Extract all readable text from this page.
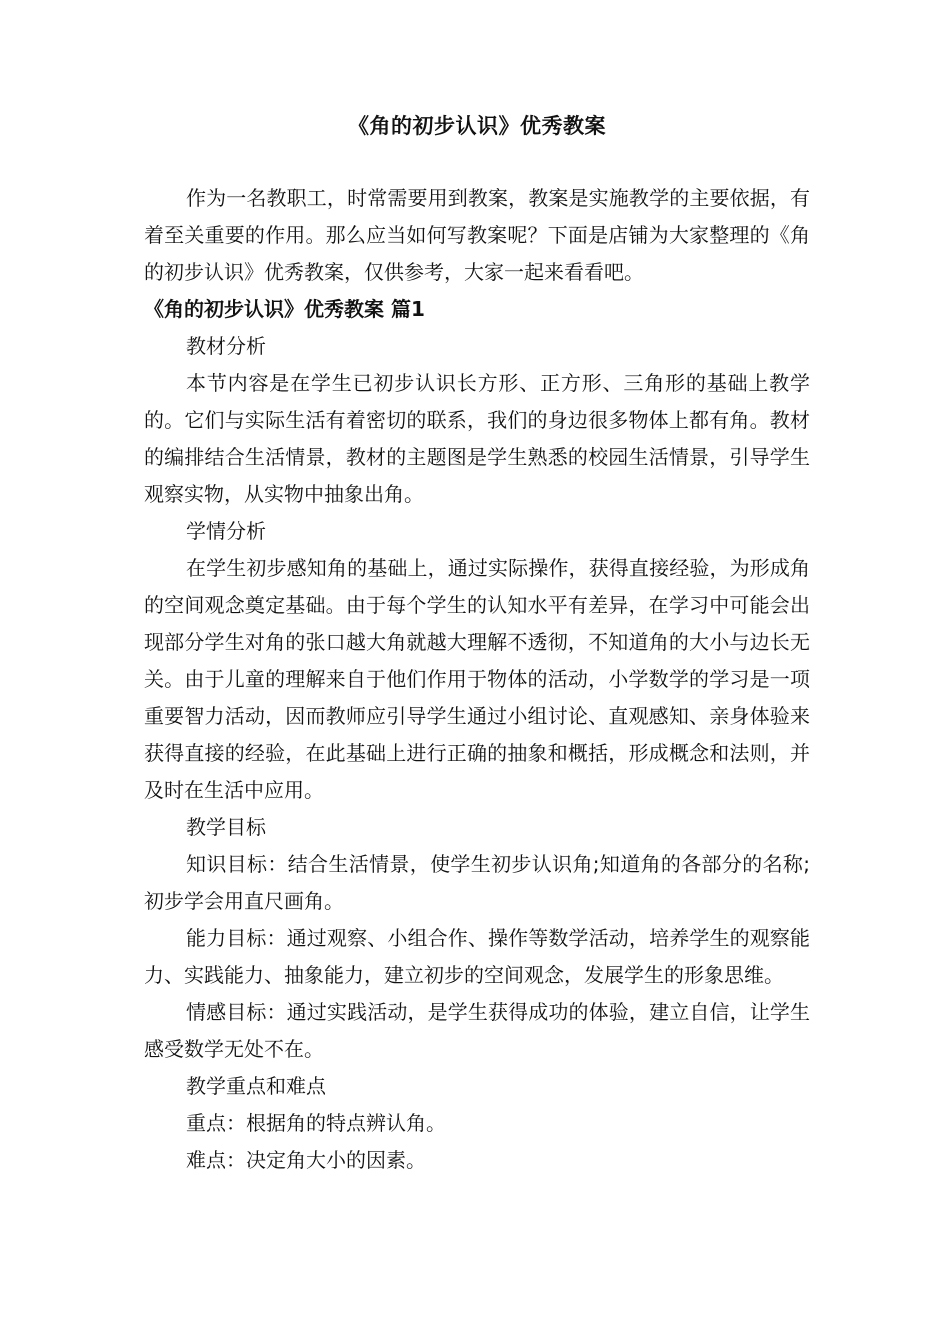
《角的初步认识》优秀教案

作为一名教职工，时常需要用到教案，教案是实施教学的主要依据，有着至关重要的作用。那么应当如何写教案呢？下面是店铺为大家整理的《角的初步认识》优秀教案，仅供参考，大家一起来看看吧。

《角的初步认识》优秀教案 篇1

教材分析

本节内容是在学生已初步认识长方形、正方形、三角形的基础上教学的。它们与实际生活有着密切的联系，我们的身边很多物体上都有角。教材的编排结合生活情景，教材的主题图是学生熟悉的校园生活情景，引导学生观察实物，从实物中抽象出角。

学情分析

在学生初步感知角的基础上，通过实际操作，获得直接经验，为形成角的空间观念奠定基础。由于每个学生的认知水平有差异，在学习中可能会出现部分学生对角的张口越大角就越大理解不透彻，不知道角的大小与边长无关。由于儿童的理解来自于他们作用于物体的活动，小学数学的学习是一项重要智力活动，因而教师应引导学生通过小组讨论、直观感知、亲身体验来获得直接的经验，在此基础上进行正确的抽象和概括，形成概念和法则，并及时在生活中应用。

教学目标

知识目标：结合生活情景，使学生初步认识角;知道角的各部分的名称;初步学会用直尺画角。

能力目标：通过观察、小组合作、操作等数学活动，培养学生的观察能力、实践能力、抽象能力，建立初步的空间观念，发展学生的形象思维。

情感目标：通过实践活动，是学生获得成功的体验，建立自信，让学生感受数学无处不在。

教学重点和难点

重点：根据角的特点辨认角。

难点：决定角大小的因素。
